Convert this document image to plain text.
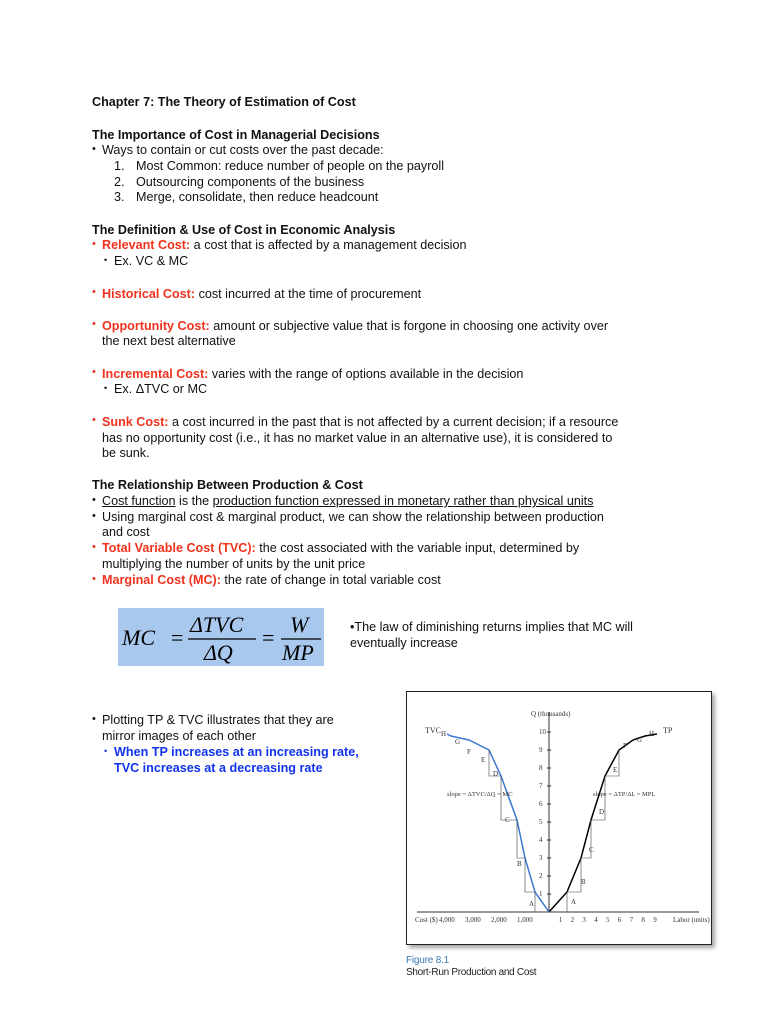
Chapter 7: The Theory of Estimation of Cost
The Importance of Cost in Managerial Decisions
• Ways to contain or cut costs over the past decade:
1. Most Common: reduce number of people on the payroll
2. Outsourcing components of the business
3. Merge, consolidate, then reduce headcount
The Definition & Use of Cost in Economic Analysis
• Relevant Cost: a cost that is affected by a management decision
• Ex. VC & MC
• Historical Cost: cost incurred at the time of procurement
• Opportunity Cost: amount or subjective value that is forgone in choosing one activity over
the next best alternative
• Incremental Cost: varies with the range of options available in the decision
• Ex. ΔTVC or MC
• Sunk Cost: a cost incurred in the past that is not affected by a current decision; if a resource
has no opportunity cost (i.e., it has no market value in an alternative use), it is considered to
be sunk.
The Relationship Between Production & Cost
• Cost function is the production function expressed in monetary rather than physical units
• Using marginal cost & marginal product, we can show the relationship between production
and cost
• Total Variable Cost (TVC): the cost associated with the variable input, determined by
multiplying the number of units by the unit price
• Marginal Cost (MC): the rate of change in total variable cost
MC =
ΔTVC
ΔQ
=
W
MP
•The law of diminishing returns implies that MC will
eventually increase
• Plotting TP & TVC illustrates that they are
mirror images of each other
• When TP increases at an increasing rate,
TVC increases at a decreasing rate
Q (thousands)
1
2
3
4
5
6
7
8
9
10
1 2 3 4 5 6 7 8 9
4,000 3,000 2,000 1,000	Labor (units)
Cost ($)
TP
TVC
slope = ΔTP/ΔL = MPL
slope = ΔTVC/ΔQ = MC
A
B
C
D
E
F
G
H
H
G
F
E
D
C
B
A
Figure 8.1
Short-Run Production and Cost
